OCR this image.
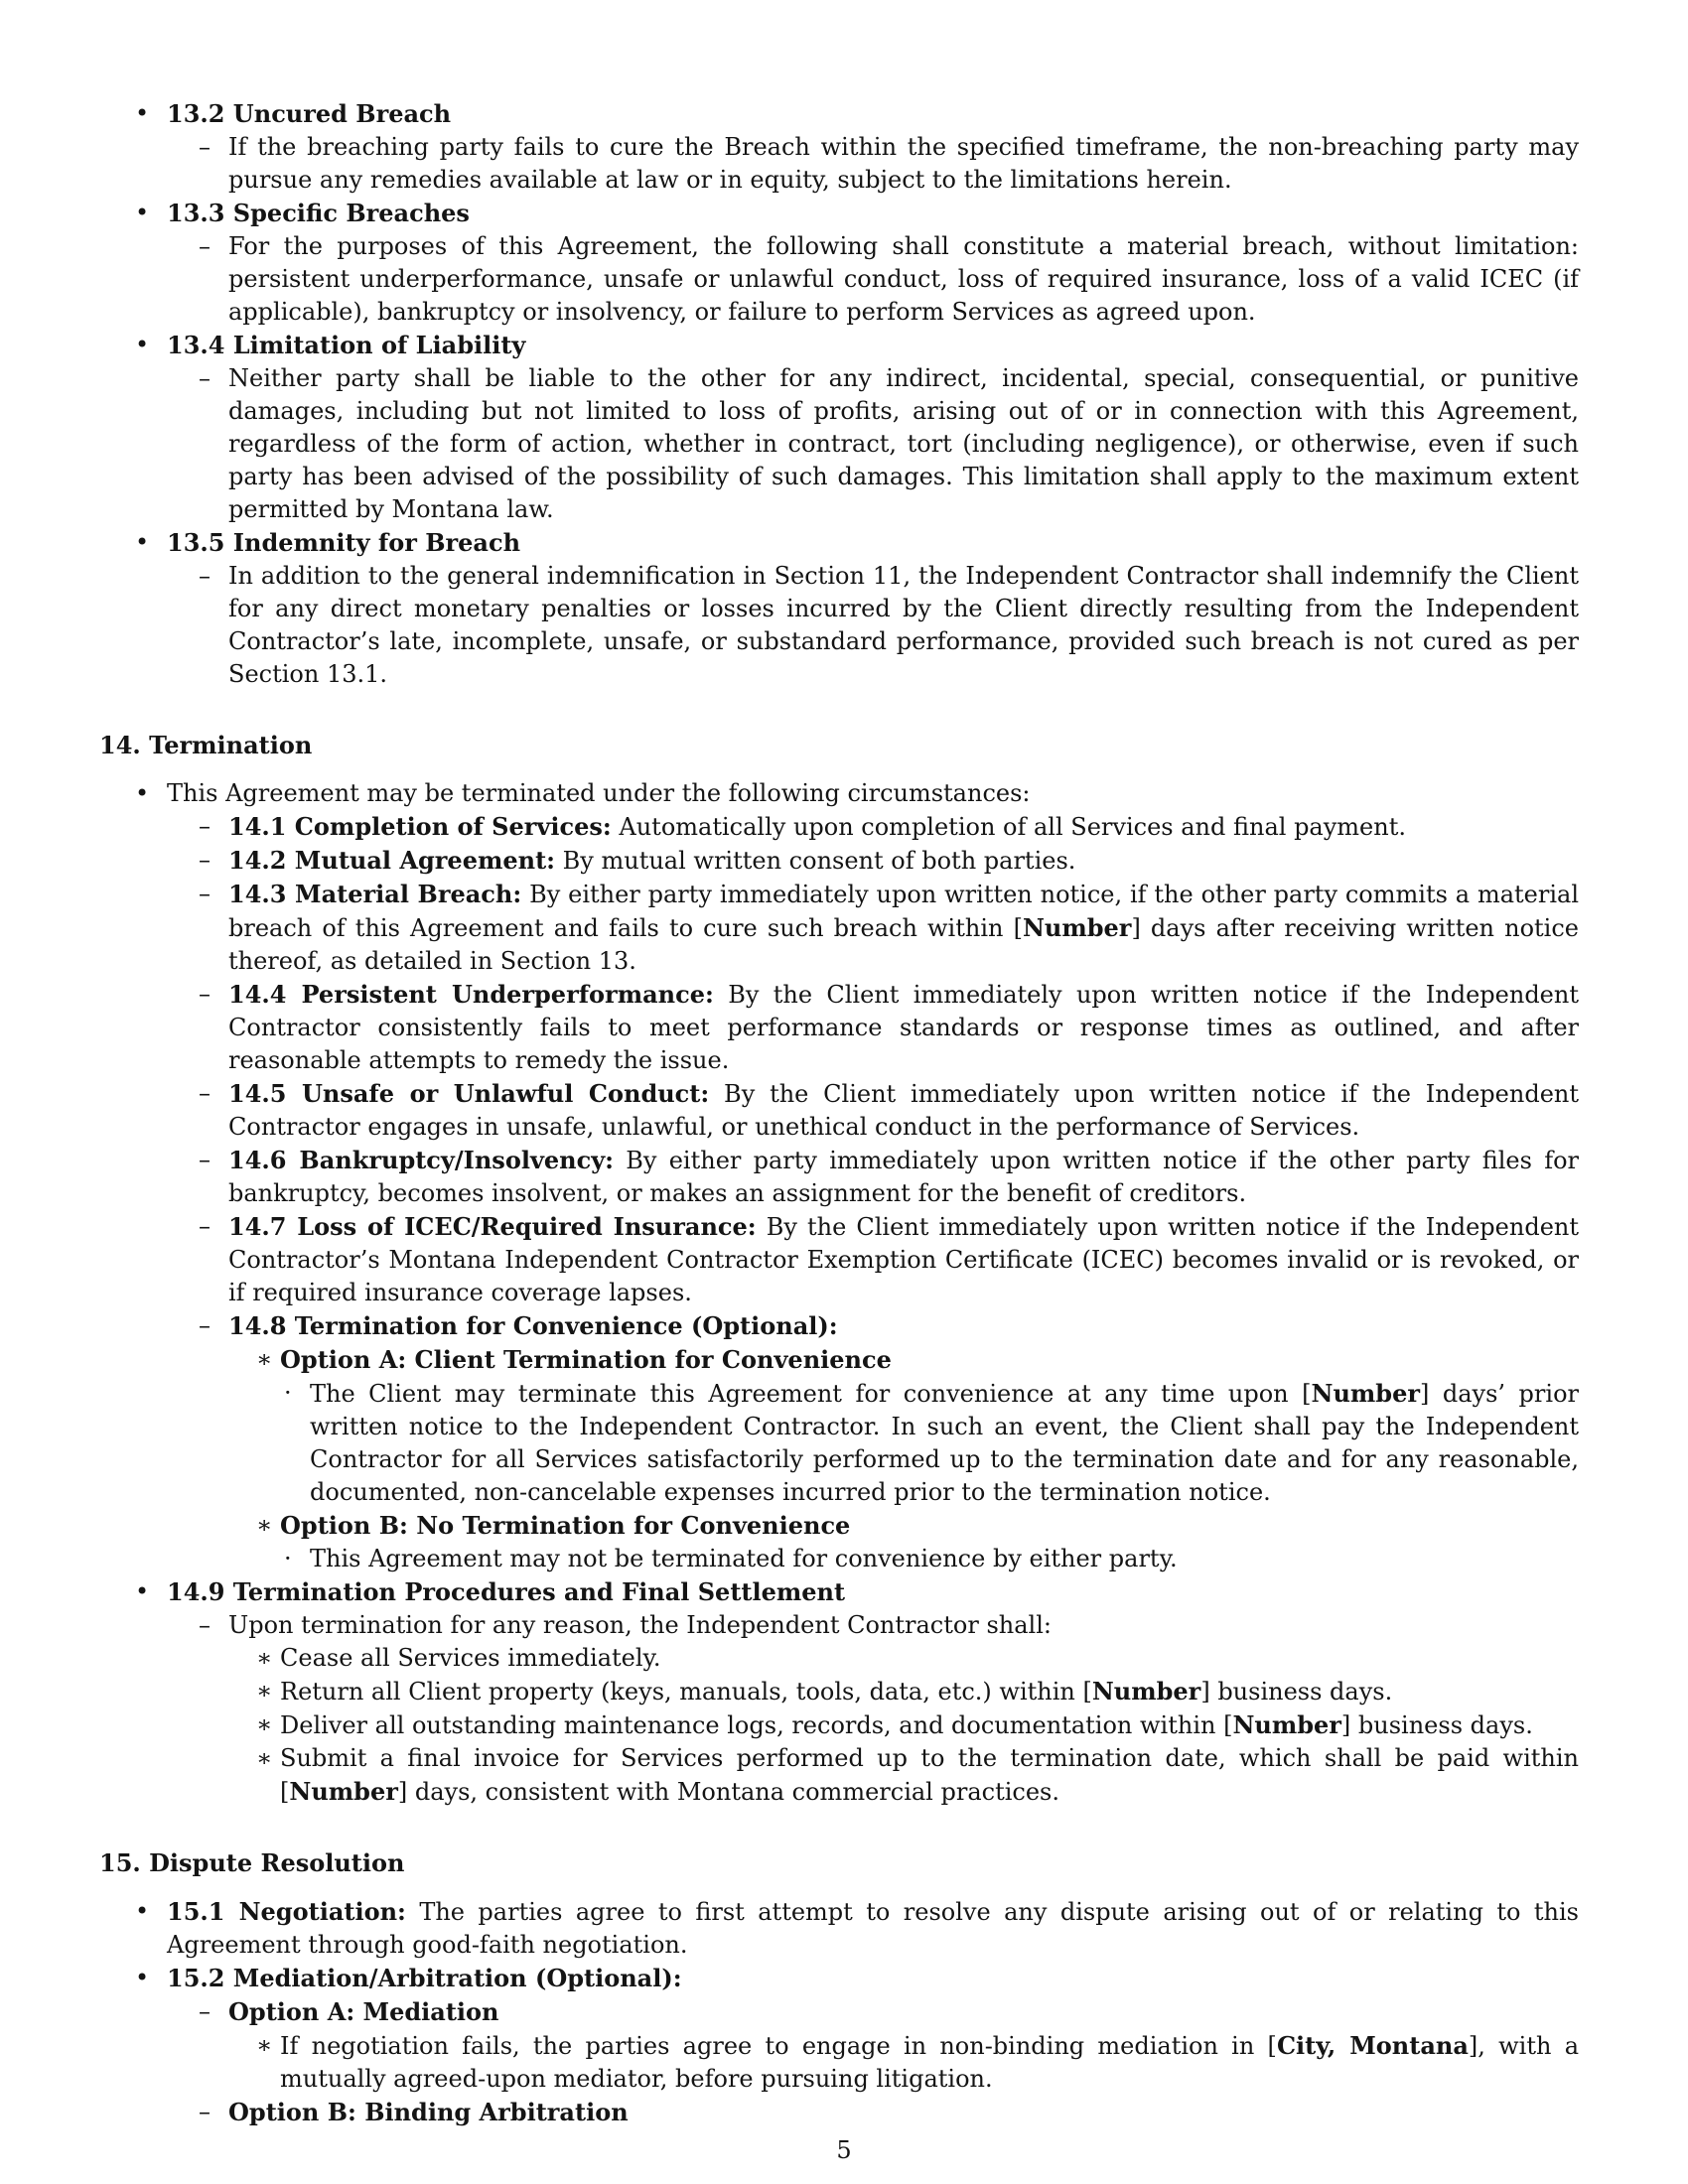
• 13.2 Uncured Breach
– If the breaching party fails to cure the Breach within the specified timeframe, the non-breaching party may pursue any remedies available at law or in equity, subject to the limitations herein.
• 13.3 Specific Breaches
– For the purposes of this Agreement, the following shall constitute a material breach, without limitation: persistent underperformance, unsafe or unlawful conduct, loss of required insurance, loss of a valid ICEC (if applicable), bankruptcy or insolvency, or failure to perform Services as agreed upon.
• 13.4 Limitation of Liability
– Neither party shall be liable to the other for any indirect, incidental, special, consequential, or punitive damages, including but not limited to loss of profits, arising out of or in connection with this Agreement, regardless of the form of action, whether in contract, tort (including negligence), or otherwise, even if such party has been advised of the possibility of such damages. This limitation shall apply to the maximum extent permitted by Montana law.
• 13.5 Indemnity for Breach
– In addition to the general indemnification in Section 11, the Independent Contractor shall indemnify the Client for any direct monetary penalties or losses incurred by the Client directly resulting from the Independent Contractor’s late, incomplete, unsafe, or substandard performance, provided such breach is not cured as per Section 13.1.
14. Termination
• This Agreement may be terminated under the following circumstances:
– 14.1 Completion of Services: Automatically upon completion of all Services and final payment.
– 14.2 Mutual Agreement: By mutual written consent of both parties.
– 14.3 Material Breach: By either party immediately upon written notice, if the other party commits a material breach of this Agreement and fails to cure such breach within [Number] days after receiving written notice thereof, as detailed in Section 13.
– 14.4 Persistent Underperformance: By the Client immediately upon written notice if the Independent Contractor consistently fails to meet performance standards or response times as outlined, and after reasonable attempts to remedy the issue.
– 14.5 Unsafe or Unlawful Conduct: By the Client immediately upon written notice if the Independent Contractor engages in unsafe, unlawful, or unethical conduct in the performance of Services.
– 14.6 Bankruptcy/Insolvency: By either party immediately upon written notice if the other party files for bankruptcy, becomes insolvent, or makes an assignment for the benefit of creditors.
– 14.7 Loss of ICEC/Required Insurance: By the Client immediately upon written notice if the Independent Contractor’s Montana Independent Contractor Exemption Certificate (ICEC) becomes invalid or is revoked, or if required insurance coverage lapses.
– 14.8 Termination for Convenience (Optional):
∗ Option A: Client Termination for Convenience
· The Client may terminate this Agreement for convenience at any time upon [Number] days’ prior written notice to the Independent Contractor. In such an event, the Client shall pay the Independent Contractor for all Services satisfactorily performed up to the termination date and for any reasonable, documented, non-cancelable expenses incurred prior to the termination notice.
∗ Option B: No Termination for Convenience
· This Agreement may not be terminated for convenience by either party.
• 14.9 Termination Procedures and Final Settlement
– Upon termination for any reason, the Independent Contractor shall:
∗ Cease all Services immediately.
∗ Return all Client property (keys, manuals, tools, data, etc.) within [Number] business days.
∗ Deliver all outstanding maintenance logs, records, and documentation within [Number] business days.
∗ Submit a final invoice for Services performed up to the termination date, which shall be paid within [Number] days, consistent with Montana commercial practices.
15. Dispute Resolution
• 15.1 Negotiation: The parties agree to first attempt to resolve any dispute arising out of or relating to this Agreement through good-faith negotiation.
• 15.2 Mediation/Arbitration (Optional):
– Option A: Mediation
∗ If negotiation fails, the parties agree to engage in non-binding mediation in [City, Montana], with a mutually agreed-upon mediator, before pursuing litigation.
– Option B: Binding Arbitration
5
